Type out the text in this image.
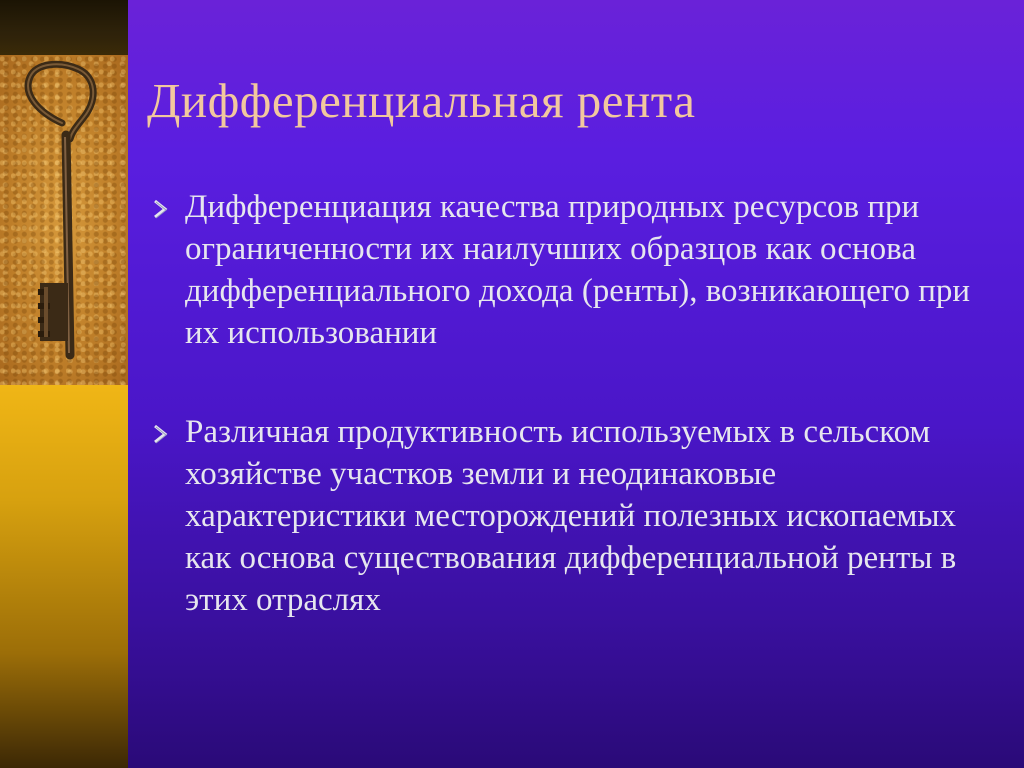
Дифференциальная рента
Дифференциация качества природных ресурсов при ограниченности их наилучших образцов как основа дифференциального дохода (ренты), возникающего при их использовании
Различная продуктивность используемых в сельском хозяйстве участков земли и неодинаковые характеристики месторождений полезных ископаемых как основа существования дифференциальной ренты в этих отраслях
